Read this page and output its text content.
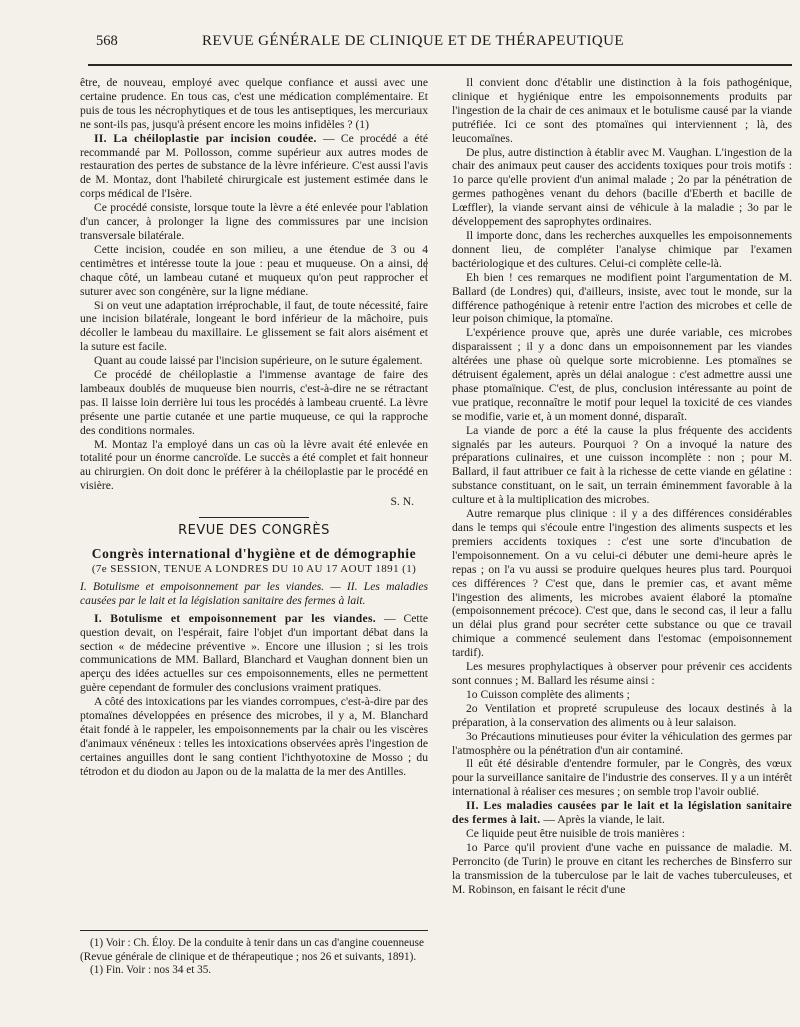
568	REVUE GÉNÉRALE DE CLINIQUE ET DE THÉRAPEUTIQUE

être, de nouveau, employé avec quelque confiance et aussi avec une certaine prudence. En tous cas, c'est une médication complémentaire. Et puis de tous les nécrophytiques et de tous les antiseptiques, les mercuriaux ne sont-ils pas, jusqu'à présent encore les moins infidèles ? (1)

II. La chéiloplastie par incision coudée. — Ce procédé a été recommandé par M. Pollosson, comme supérieur aux autres modes de restauration des pertes de substance de la lèvre inférieure. C'est aussi l'avis de M. Montaz, dont l'habileté chirurgicale est justement estimée dans le corps médical de l'Isère.

Ce procédé consiste, lorsque toute la lèvre a été enlevée pour l'ablation d'un cancer, à prolonger la ligne des commissures par une incision transversale bilatérale.

Cette incision, coudée en son milieu, a une étendue de 3 ou 4 centimètres et intéresse toute la joue : peau et muqueuse. On a ainsi, de chaque côté, un lambeau cutané et muqueux qu'on peut rapprocher et suturer avec son congénère, sur la ligne médiane.

Si on veut une adaptation irréprochable, il faut, de toute nécessité, faire une incision bilatérale, longeant le bord inférieur de la mâchoire, puis décoller le lambeau du maxillaire. Le glissement se fait alors aisément et la suture est facile.

Quant au coude laissé par l'incision supérieure, on le suture également.

Ce procédé de chéiloplastie a l'immense avantage de faire des lambeaux doublés de muqueuse bien nourris, c'est-à-dire ne se rétractant pas. Il laisse loin derrière lui tous les procédés à lambeau cruenté. La lèvre présente une partie cutanée et une partie muqueuse, ce qui la rapproche des conditions normales.

M. Montaz l'a employé dans un cas où la lèvre avait été enlevée en totalité pour un énorme cancroïde. Le succès a été complet et fait honneur au chirurgien. On doit donc le préférer à la chéiloplastie par le procédé en visière.

S. N.
REVUE DES CONGRÈS
Congrès international d'hygiène et de démographie
(7e SESSION, TENUE A LONDRES DU 10 AU 17 AOUT 1891 (1)

I. Botulisme et empoisonnement par les viandes. — II. Les maladies causées par le lait et la législation sanitaire des fermes à lait.

I. Botulisme et empoisonnement par les viandes. — Cette question devait, on l'espérait, faire l'objet d'un important débat dans la section « de médecine préventive ». Encore une illusion ; si les trois communications de MM. Ballard, Blanchard et Vaughan donnent bien un aperçu des idées actuelles sur ces empoisonnements, elles ne permettent guère cependant de formuler des conclusions vraiment pratiques.

A côté des intoxications par les viandes corrompues, c'est-à-dire par des ptomaïnes développées en présence des microbes, il y a, M. Blanchard était fondé à le rappeler, les empoisonnements par la chair ou les viscères d'animaux vénéneux : telles les intoxications observées après l'ingestion de certaines anguilles dont le sang contient l'ichthyotoxine de Mosso ; du tétrodon et du diodon au Japon ou de la malatta de la mer des Antilles.

(1) Voir : Ch. Éloy. De la conduite à tenir dans un cas d'angine couenneuse (Revue générale de clinique et de thérapeutique ; nos 26 et suivants, 1891).

(1) Fin. Voir : nos 34 et 35.

Il convient donc d'établir une distinction à la fois pathogénique, clinique et hygiénique entre les empoisonnements produits par l'ingestion de la chair de ces animaux et le botulisme causé par la viande putréfiée. Ici ce sont des ptomaïnes qui interviennent ; là, des leucomaïnes.

De plus, autre distinction à établir avec M. Vaughan. L'ingestion de la chair des animaux peut causer des accidents toxiques pour trois motifs : 1o parce qu'elle provient d'un animal malade ; 2o par la pénétration de germes pathogènes venant du dehors (bacille d'Eberth et bacille de Lœffler), la viande servant ainsi de véhicule à la maladie ; 3o par le développement des saprophytes ordinaires.

Il importe donc, dans les recherches auxquelles les empoisonnements donnent lieu, de compléter l'analyse chimique par l'examen bactériologique et des cultures. Celui-ci complète celle-là.

Eh bien ! ces remarques ne modifient point l'argumentation de M. Ballard (de Londres) qui, d'ailleurs, insiste, avec tout le monde, sur la différence pathogénique à retenir entre l'action des microbes et celle de leur poison chimique, la ptomaïne.

L'expérience prouve que, après une durée variable, ces microbes disparaissent ; il y a donc dans un empoisonnement par les viandes altérées une phase où quelque sorte microbienne. Les ptomaïnes se détruisent également, après un délai analogue : c'est admettre aussi une phase ptomaïnique. C'est, de plus, conclusion intéressante au point de vue pratique, reconnaître le motif pour lequel la toxicité de ces viandes se modifie, varie et, à un moment donné, disparaît.

La viande de porc a été la cause la plus fréquente des accidents signalés par les auteurs. Pourquoi ? On a invoqué la nature des préparations culinaires, et une cuisson incomplète : non ; pour M. Ballard, il faut attribuer ce fait à la richesse de cette viande en gélatine : substance constituant, on le sait, un terrain éminemment favorable à la culture et à la multiplication des microbes.

Autre remarque plus clinique : il y a des différences considérables dans le temps qui s'écoule entre l'ingestion des aliments suspects et les premiers accidents toxiques : c'est une sorte d'incubation de l'empoisonnement. On a vu celui-ci débuter une demi-heure après le repas ; on l'a vu aussi se produire quelques heures plus tard. Pourquoi ces différences ? C'est que, dans le premier cas, et avant même l'ingestion des aliments, les microbes avaient élaboré la ptomaïne (empoisonnement précoce). C'est que, dans le second cas, il leur a fallu un délai plus grand pour secréter cette substance ou que ce travail chimique a commencé seulement dans l'estomac (empoisonnement tardif).

Les mesures prophylactiques à observer pour prévenir ces accidents sont connues ; M. Ballard les résume ainsi :

1o Cuisson complète des aliments ;

2o Ventilation et propreté scrupuleuse des locaux destinés à la préparation, à la conservation des aliments ou à leur salaison.

3o Précautions minutieuses pour éviter la véhiculation des germes par l'atmosphère ou la pénétration d'un air contaminé.

Il eût été désirable d'entendre formuler, par le Congrès, des vœux pour la surveillance sanitaire de l'industrie des conserves. Il y a un intérêt international à réaliser ces mesures ; on semble trop l'avoir oublié.

II. Les maladies causées par le lait et la législation sanitaire des fermes à lait. — Après la viande, le lait.

Ce liquide peut être nuisible de trois manières :

1o Parce qu'il provient d'une vache en puissance de maladie. M. Perroncito (de Turin) le prouve en citant les recherches de Binsferro sur la transmission de la tuberculose par le lait de vaches tuberculeuses, et M. Robinson, en faisant le récit d'une
